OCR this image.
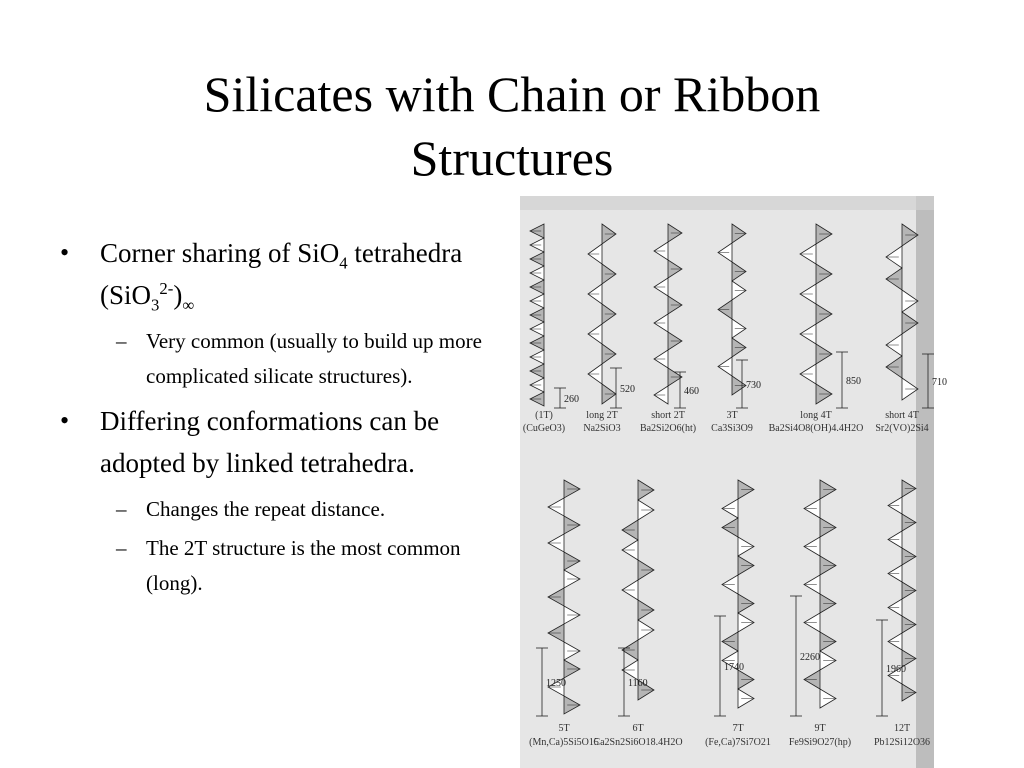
Silicates with Chain or Ribbon
Structures
•	Corner sharing of SiO$_4$ tetrahedra $(SiO_3^{2-})_\infty$
– Very common (usually to build up more complicated silicate structures).
•	Differing conformations can be adopted by linked tetrahedra.
– Changes the repeat distance.
– The 2T structure is the most common (long).
260
(1T)
(CuGeO3)
520
long 2T
Na2SiO3
460
short 2T
Ba2Si2O6(ht)
730
3T
Ca3Si3O9
850
long 4T
Ba2Si4O8(OH)4.4H2O
710
short 4T
Sr2(VO)2Si4
1250
5T
(Mn,Ca)5Si5O15
1160
6T
Ca2Sn2Si6O18.4H2O
1740
7T
(Fe,Ca)7Si7O21
2260
9T
Fe9Si9O27(hp)
1960
12T
Pb12Si12O36
